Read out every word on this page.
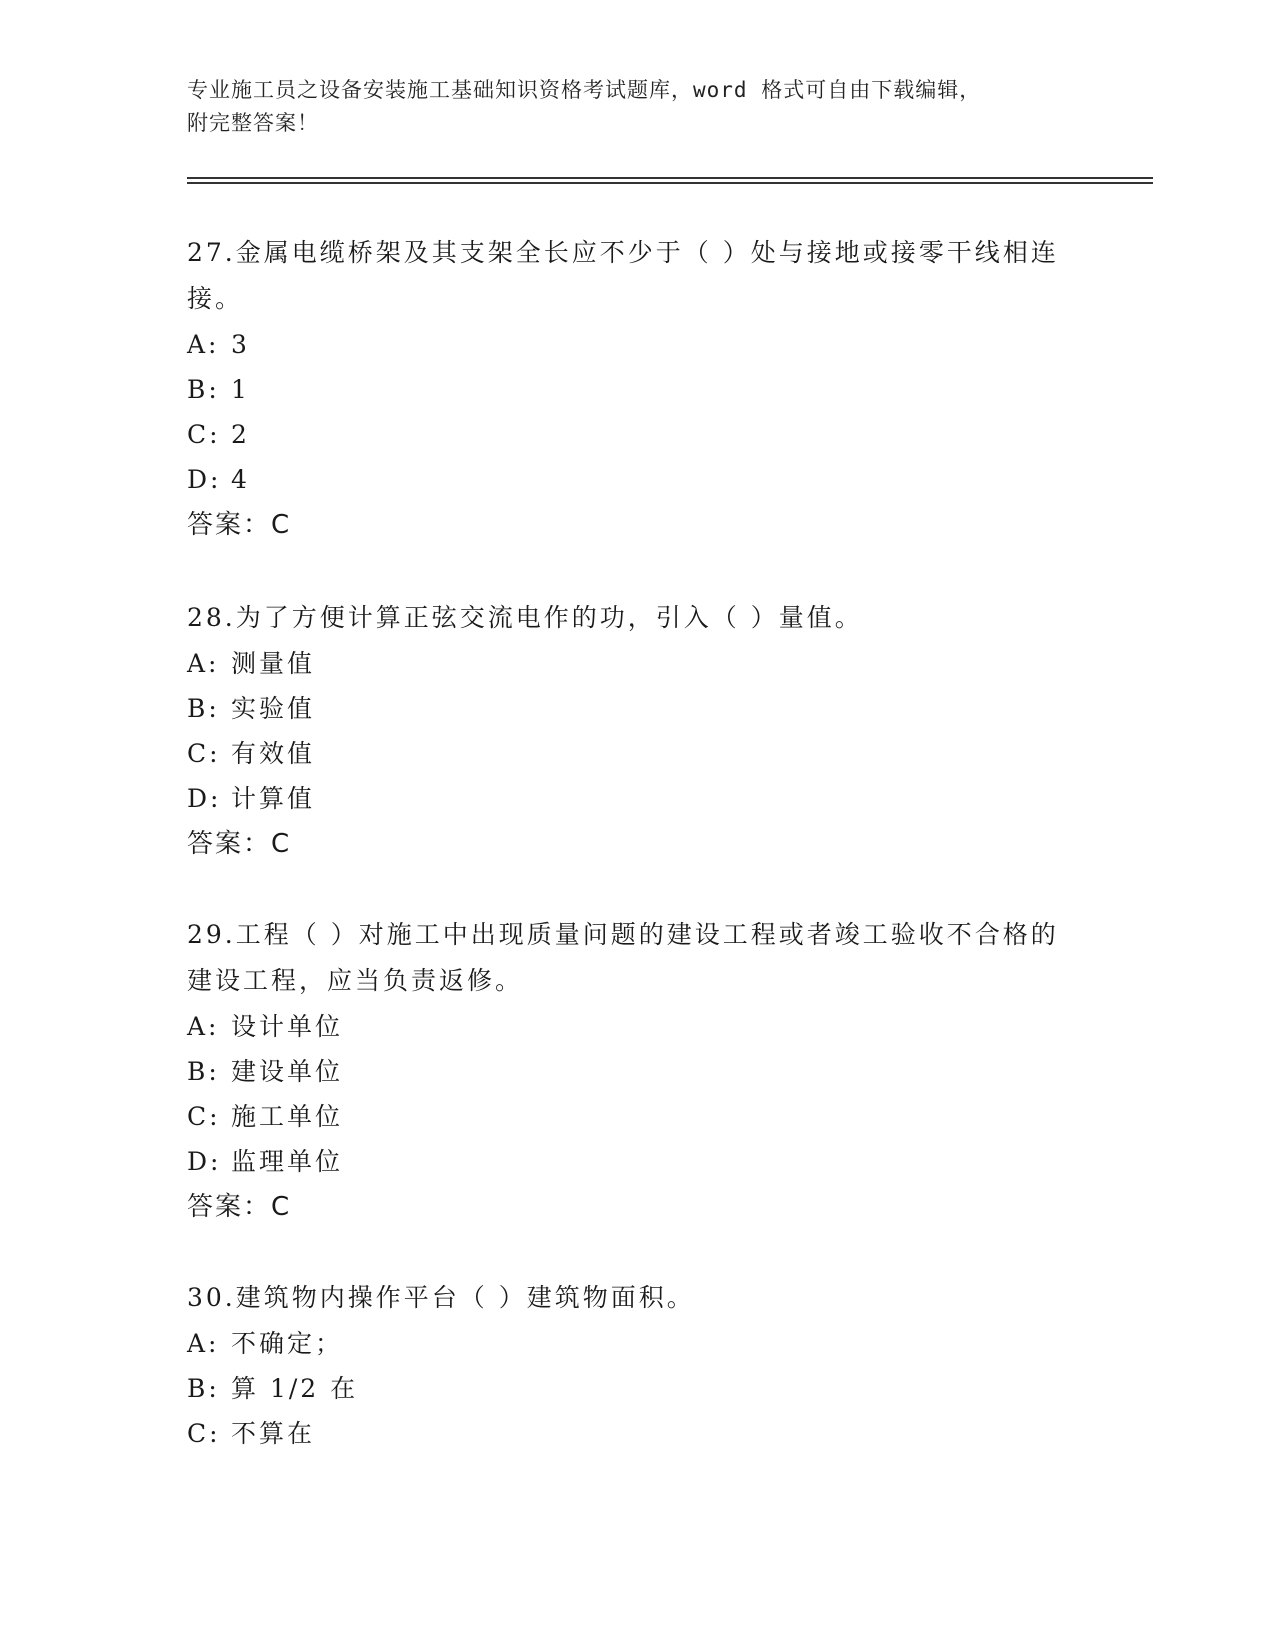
专业施工员之设备安装施工基础知识资格考试题库，word 格式可自由下载编辑，
附完整答案！
27.金属电缆桥架及其支架全长应不少于（ ）处与接地或接零干线相连接。
A: 3
B: 1
C: 2
D: 4
答案：C
28.为了方便计算正弦交流电作的功，引入（ ）量值。
A: 测量值
B: 实验值
C: 有效值
D: 计算值
答案：C
29.工程（ ）对施工中出现质量问题的建设工程或者竣工验收不合格的建设工程，应当负责返修。
A: 设计单位
B: 建设单位
C: 施工单位
D: 监理单位
答案：C
30.建筑物内操作平台（ ）建筑物面积。
A: 不确定；
B: 算 1/2 在
C: 不算在
